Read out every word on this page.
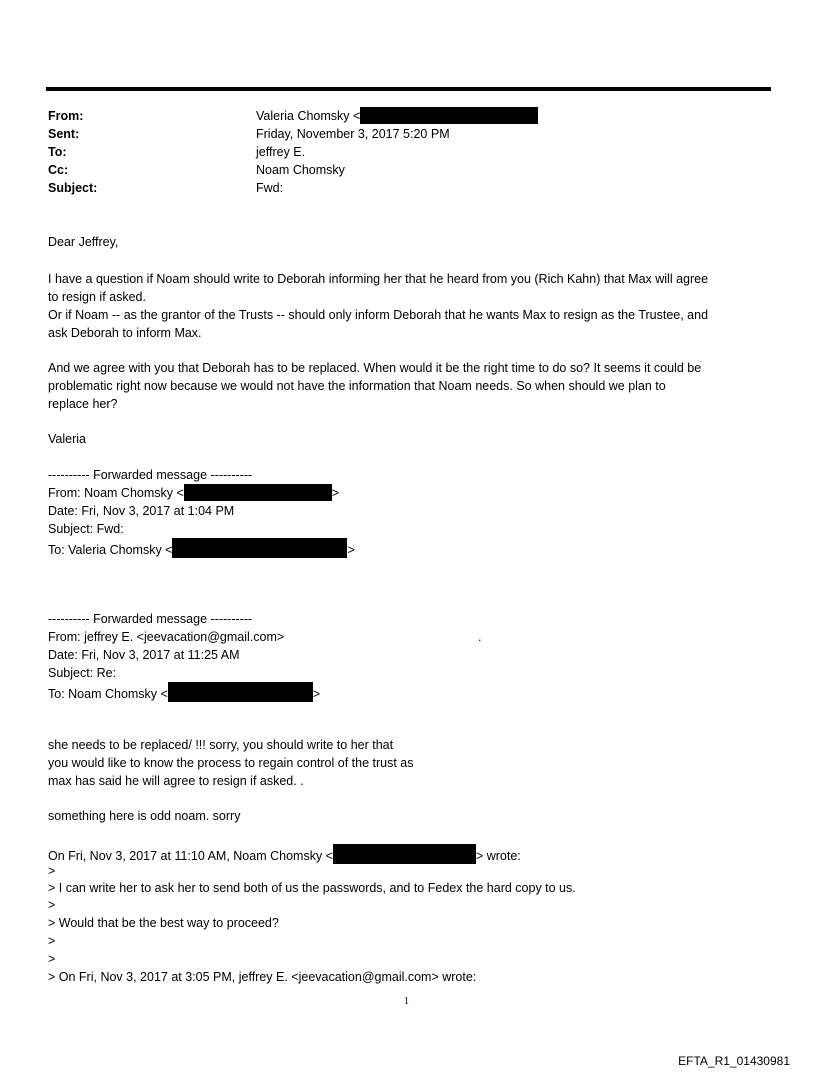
From:	Valeria Chomsky <
Sent:	Friday, November 3, 2017 5:20 PM
To:	jeffrey E.
Cc:	Noam Chomsky
Subject:	Fwd:
Dear Jeffrey,
I have a question if Noam should write to Deborah informing her that he heard from you (Rich Kahn) that Max will agree
to resign if asked.
Or if Noam -- as the grantor of the Trusts -- should only inform Deborah that he wants Max to resign as the Trustee, and
ask Deborah to inform Max.
And we agree with you that Deborah has to be replaced. When would it be the right time to do so? It seems it could be
problematic right now because we would not have the information that Noam needs. So when should we plan to
replace her?
Valeria
---------- Forwarded message ----------
From: Noam Chomsky <	>
Date: Fri, Nov 3, 2017 at 1:04 PM
Subject: Fwd:
To: Valeria Chomsky <	>
---------- Forwarded message ----------
From: jeffrey E. <jeevacation@gmail.com>	.
Date: Fri, Nov 3, 2017 at 11:25 AM
Subject: Re:
To: Noam Chomsky <	>
she needs to be replaced/ !!! sorry, you should write to her that
you would like to know the process to regain control of the trust as
max has said he will agree to resign if asked. .
something here is odd noam. sorry
On Fri, Nov 3, 2017 at 11:10 AM, Noam Chomsky <	> wrote:
>
> I can write her to ask her to send both of us the passwords, and to Fedex the hard copy to us.
>
> Would that be the best way to proceed?
>
>
> On Fri, Nov 3, 2017 at 3:05 PM, jeffrey E. <jeevacation@gmail.com> wrote:
1
EFTA_R1_01430981
